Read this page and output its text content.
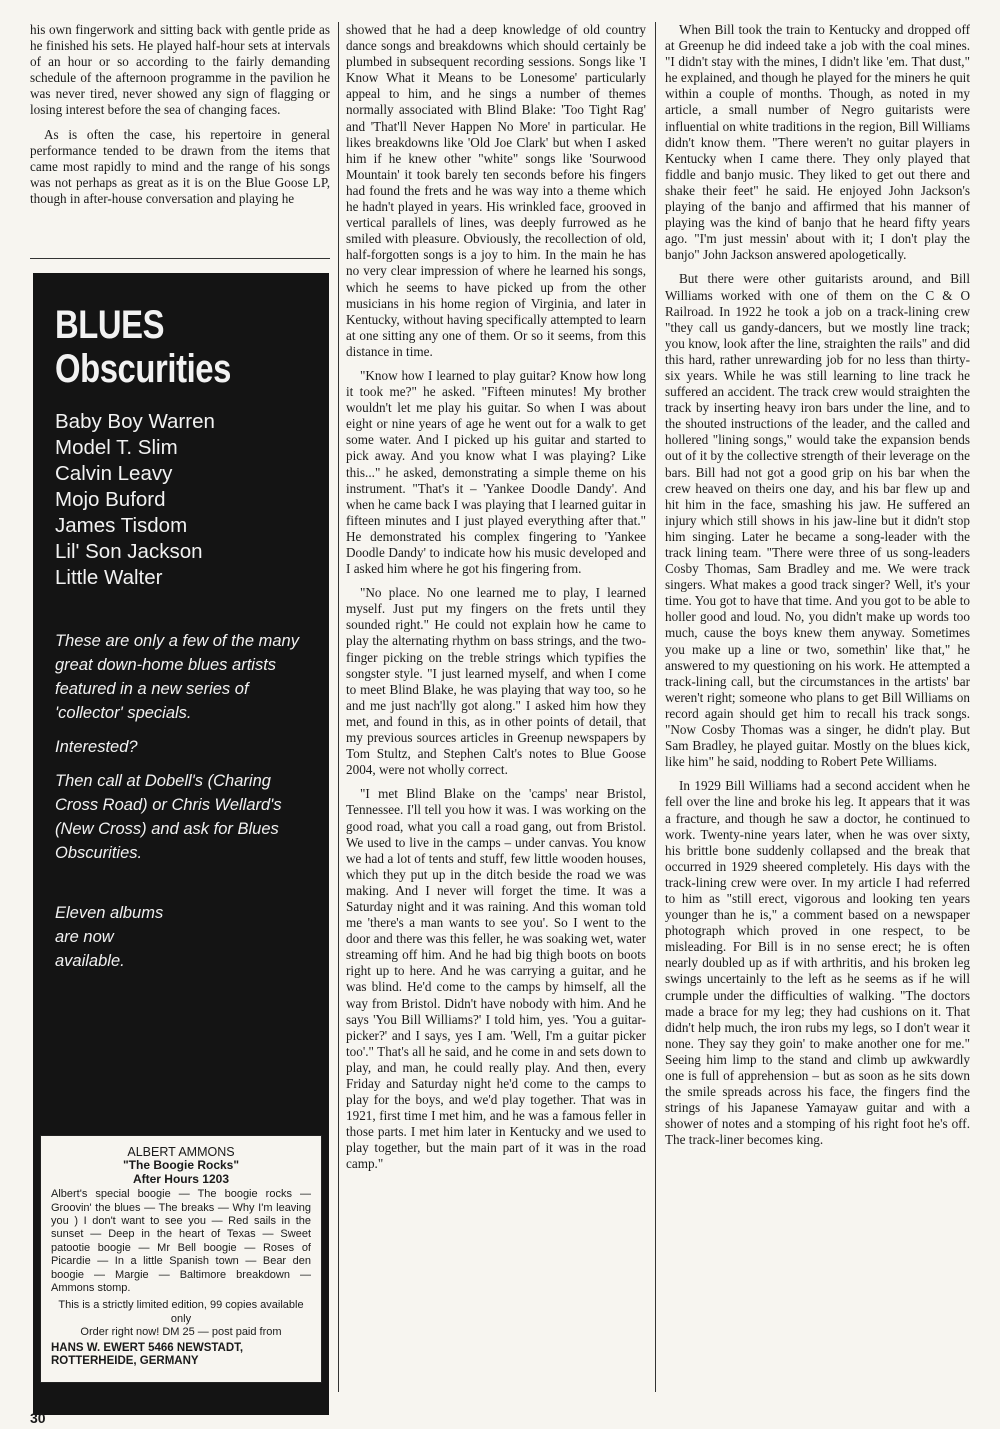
his own fingerwork and sitting back with gentle pride as he finished his sets. He played half-hour sets at intervals of an hour or so according to the fairly demanding schedule of the afternoon programme in the pavilion he was never tired, never showed any sign of flagging or losing interest before the sea of changing faces.

As is often the case, his repertoire in general performance tended to be drawn from the items that came most rapidly to mind and the range of his songs was not perhaps as great as it is on the Blue Goose LP, though in after-house conversation and playing he

BLUES
Obscurities
Baby Boy Warren
Model T. Slim
Calvin Leavy
Mojo Buford
James Tisdom
Lil' Son Jackson
Little Walter

These are only a few of the many great down-home blues artists featured in a new series of 'collector' specials.

Interested?

Then call at Dobell's (Charing Cross Road) or Chris Wellard's (New Cross) and ask for Blues Obscurities.

Eleven albums are now available.

ALBERT AMMONS
"The Boogie Rocks"
After Hours 1203
Albert's special boogie — The boogie rocks — Groovin' the blues — The breaks — Why I'm leaving you ) I don't want to see you — Red sails in the sunset — Deep in the heart of Texas — Sweet patootie boogie — Mr Bell boogie — Roses of Picardie — In a little Spanish town — Bear den boogie — Margie — Baltimore breakdown — Ammons stomp.
This is a strictly limited edition, 99 copies available only
Order right now! DM 25 — post paid from
HANS W. EWERT 5466 NEWSTADT, ROTTERHEIDE, GERMANY

showed that he had a deep knowledge of old country dance songs and breakdowns which should certainly be plumbed in subsequent recording sessions. Songs like 'I Know What it Means to be Lonesome' particularly appeal to him, and he sings a number of themes normally associated with Blind Blake: 'Too Tight Rag' and 'That'll Never Happen No More' in particular. He likes breakdowns like 'Old Joe Clark' but when I asked him if he knew other "white" songs like 'Sourwood Mountain' it took barely ten seconds before his fingers had found the frets and he was way into a theme which he hadn't played in years. His wrinkled face, grooved in vertical parallels of lines, was deeply furrowed as he smiled with pleasure. Obviously, the recollection of old, half-forgotten songs is a joy to him. In the main he has no very clear impression of where he learned his songs, which he seems to have picked up from the other musicians in his home region of Virginia, and later in Kentucky, without having specifically attempted to learn at one sitting any one of them. Or so it seems, from this distance in time.

"Know how I learned to play guitar? Know how long it took me?" he asked. "Fifteen minutes! My brother wouldn't let me play his guitar. So when I was about eight or nine years of age he went out for a walk to get some water. And I picked up his guitar and started to pick away. And you know what I was playing? Like this..." he asked, demonstrating a simple theme on his instrument. "That's it – 'Yankee Doodle Dandy'. And when he came back I was playing that I learned guitar in fifteen minutes and I just played everything after that." He demonstrated his complex fingering to 'Yankee Doodle Dandy' to indicate how his music developed and I asked him where he got his fingering from.

"No place. No one learned me to play, I learned myself. Just put my fingers on the frets until they sounded right." He could not explain how he came to play the alternating rhythm on bass strings, and the two-finger picking on the treble strings which typifies the songster style. "I just learned myself, and when I come to meet Blind Blake, he was playing that way too, so he and me just nach'lly got along." I asked him how they met, and found in this, as in other points of detail, that my previous sources articles in Greenup newspapers by Tom Stultz, and Stephen Calt's notes to Blue Goose 2004, were not wholly correct.

"I met Blind Blake on the 'camps' near Bristol, Tennessee. I'll tell you how it was. I was working on the good road, what you call a road gang, out from Bristol. We used to live in the camps – under canvas. You know we had a lot of tents and stuff, few little wooden houses, which they put up in the ditch beside the road we was making. And I never will forget the time. It was a Saturday night and it was raining. And this woman told me 'there's a man wants to see you'. So I went to the door and there was this feller, he was soaking wet, water streaming off him. And he had big thigh boots on boots right up to here. And he was carrying a guitar, and he was blind. He'd come to the camps by himself, all the way from Bristol. Didn't have nobody with him. And he says 'You Bill Williams?' I told him, yes. 'You a guitar-picker?' and I says, yes I am. 'Well, I'm a guitar picker too'." That's all he said, and he come in and sets down to play, and man, he could really play. And then, every Friday and Saturday night he'd come to the camps to play for the boys, and we'd play together. That was in 1921, first time I met him, and he was a famous feller in those parts. I met him later in Kentucky and we used to play together, but the main part of it was in the road camp."

When Bill took the train to Kentucky and dropped off at Greenup he did indeed take a job with the coal mines. "I didn't stay with the mines, I didn't like 'em. That dust," he explained, and though he played for the miners he quit within a couple of months. Though, as noted in my article, a small number of Negro guitarists were influential on white traditions in the region, Bill Williams didn't know them. "There weren't no guitar players in Kentucky when I came there. They only played that fiddle and banjo music. They liked to get out there and shake their feet" he said. He enjoyed John Jackson's playing of the banjo and affirmed that his manner of playing was the kind of banjo that he heard fifty years ago. "I'm just messin' about with it; I don't play the banjo" John Jackson answered apologetically.

But there were other guitarists around, and Bill Williams worked with one of them on the C & O Railroad. In 1922 he took a job on a track-lining crew "they call us gandy-dancers, but we mostly line track; you know, look after the line, straighten the rails" and did this hard, rather unrewarding job for no less than thirty-six years. While he was still learning to line track he suffered an accident. The track crew would straighten the track by inserting heavy iron bars under the line, and to the shouted instructions of the leader, and the called and hollered "lining songs," would take the expansion bends out of it by the collective strength of their leverage on the bars. Bill had not got a good grip on his bar when the crew heaved on theirs one day, and his bar flew up and hit him in the face, smashing his jaw. He suffered an injury which still shows in his jaw-line but it didn't stop him singing. Later he became a song-leader with the track lining team. "There were three of us song-leaders Cosby Thomas, Sam Bradley and me. We were track singers. What makes a good track singer? Well, it's your time. You got to have that time. And you got to be able to holler good and loud. No, you didn't make up words too much, cause the boys knew them anyway. Sometimes you make up a line or two, somethin' like that," he answered to my questioning on his work. He attempted a track-lining call, but the circumstances in the artists' bar weren't right; someone who plans to get Bill Williams on record again should get him to recall his track songs. "Now Cosby Thomas was a singer, he didn't play. But Sam Bradley, he played guitar. Mostly on the blues kick, like him" he said, nodding to Robert Pete Williams.

In 1929 Bill Williams had a second accident when he fell over the line and broke his leg. It appears that it was a fracture, and though he saw a doctor, he continued to work. Twenty-nine years later, when he was over sixty, his brittle bone suddenly collapsed and the break that occurred in 1929 sheered completely. His days with the track-lining crew were over. In my article I had referred to him as "still erect, vigorous and looking ten years younger than he is," a comment based on a newspaper photograph which proved in one respect, to be misleading. For Bill is in no sense erect; he is often nearly doubled up as if with arthritis, and his broken leg swings uncertainly to the left as he seems as if he will crumple under the difficulties of walking. "The doctors made a brace for my leg; they had cushions on it. That didn't help much, the iron rubs my legs, so I don't wear it none. They say they goin' to make another one for me." Seeing him limp to the stand and climb up awkwardly one is full of apprehension – but as soon as he sits down the smile spreads across his face, the fingers find the strings of his Japanese Yamayaw guitar and with a shower of notes and a stomping of his right foot he's off. The track-liner becomes king.

30
